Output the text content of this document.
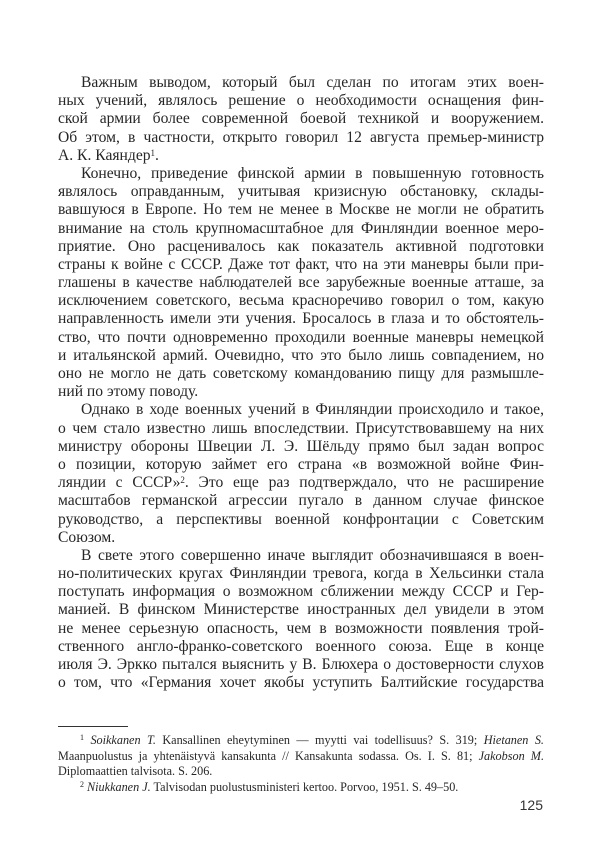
Важным выводом, который был сделан по итогам этих воен-
ных учений, являлось решение о необходимости оснащения фин-
ской армии более современной боевой техникой и вооружением.
Об этом, в частности, открыто говорил 12 августа премьер-министр
А. К. Каяндер$^1$.
Конечно, приведение финской армии в повышенную готовность
являлось оправданным, учитывая кризисную обстановку, склады-
вавшуюся в Европе. Но тем не менее в Москве не могли не обратить
внимание на столь крупномасштабное для Финляндии военное меро-
приятие. Оно расценивалось как показатель активной подготовки
страны к войне с СССР. Даже тот факт, что на эти маневры были при-
глашены в качестве наблюдателей все зарубежные военные атташе, за
исключением советского, весьма красноречиво говорил о том, какую
направленность имели эти учения. Бросалось в глаза и то обстоятель-
ство, что почти одновременно проходили военные маневры немецкой
и итальянской армий. Очевидно, что это было лишь совпадением, но
оно не могло не дать советскому командованию пищу для размышле-
ний по этому поводу.
Однако в ходе военных учений в Финляндии происходило и такое,
о чем стало известно лишь впоследствии. Присутствовавшему на них
министру обороны Швеции Л. Э. Шёльду прямо был задан вопрос
о позиции, которую займет его страна «в возможной войне Фин-
ляндии с СССР»$^2$. Это еще раз подтверждало, что не расширение
масштабов германской агрессии пугало в данном случае финское
руководство, а перспективы военной конфронтации с Советским
Союзом.
В свете этого совершенно иначе выглядит обозначившаяся в воен-
но-политических кругах Финляндии тревога, когда в Хельсинки стала
поступать информация о возможном сближении между СССР и Гер-
манией. В финском Министерстве иностранных дел увидели в этом
не менее серьезную опасность, чем в возможности появления трой-
ственного англо-франко-советского военного союза. Еще в конце
июля Э. Эркко пытался выяснить у В. Блюхера о достоверности слухов
о том, что «Германия хочет якобы уступить Балтийские государства
$^1$ Soikkanen T. Kansallinen eheytyminen — myytti vai todellisuus? S. 319; Hietanen S.
Maanpuolustus ja yhtenäistyvä kansakunta // Kansakunta sodassa. Os. I. S. 81; Jakobson M.
Diplomaattien talvisota. S. 206.
$^2$ Niukkanen J. Talvisodan puolustusministeri kertoo. Porvoo, 1951. S. 49–50.
125
